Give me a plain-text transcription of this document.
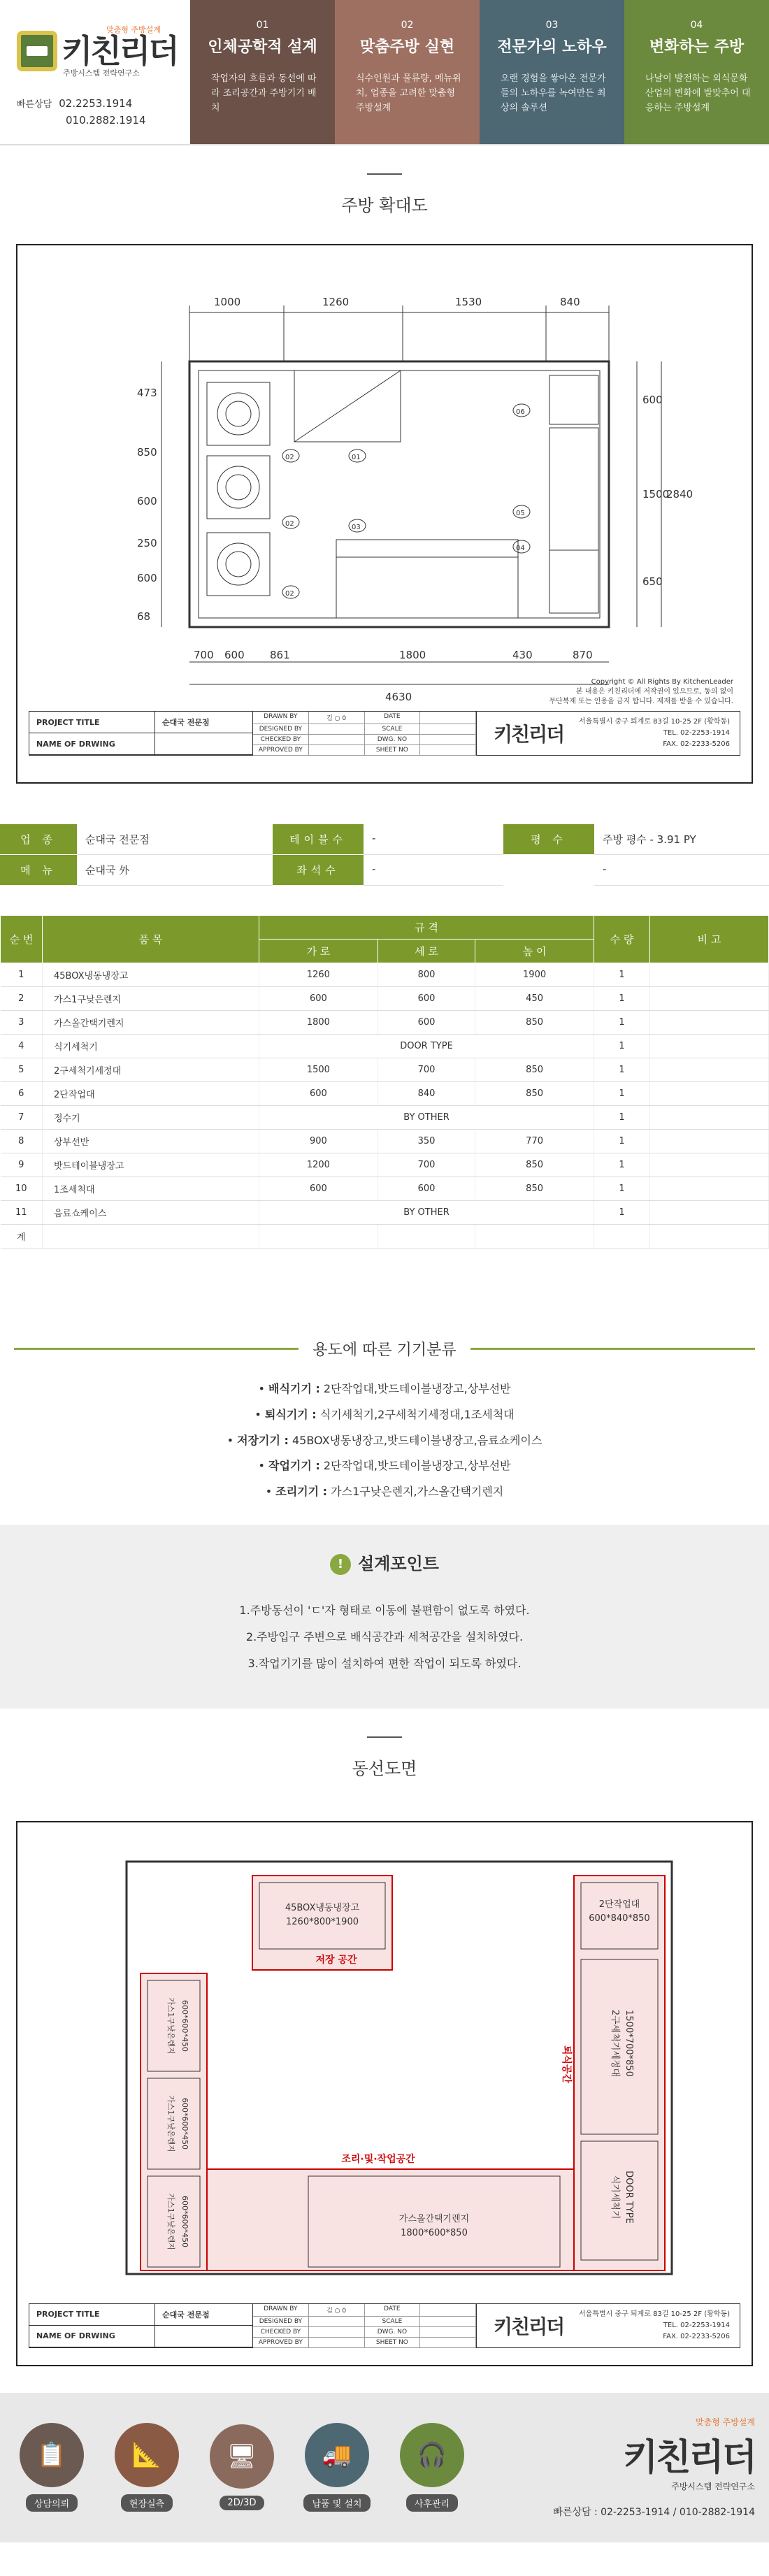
맞춤형 주방설계
키친리더
주방시스템 전략연구소
빠른상담 02.2253.1914
010.2882.1914
01
인체공학적 설계
작업자의 흐름과 동선에 따라 조리공간과 주방기기 배치
02
맞춤주방 실현
식수인원과 물류량, 메뉴위치, 업종을 고려한 맞춤형 주방설계
03
전문가의 노하우
오랜 경험을 쌓아온 전문가들의 노하우를 녹여만든 최상의 솔루션
04
변화하는 주방
나날이 발전하는 외식문화 산업의 변화에 발맞추어 대응하는 주방설계
주방 확대도
1000	1260	1530	840
700 600 861	1800	430	870
4630
473
850
600
250
600
68
600
1500
650
2840
01
02
02
02
03
04
05
06
Copyright © All Rights By KitchenLeader
본 내용은 키친리더에 저작권이 있으므로, 동의 없이
무단복제 또는 인용을 금지 합니다. 제재를 받을 수 있습니다.
PROJECT TITLE
NAME OF DRWING
순대국 전문점
DRAWN BY	김 ○ 0	DATE
DESIGNED BY	SCALE
CHECKED BY	DWG. NO
APPROVED BY	SHEET NO
키친리더
서울특별시 중구 퇴계로 83길 10-25 2F (황학동)
TEL. 02-2253-1914
FAX. 02-2233-5206
업 종	순대국 전문점	테이블수	-	평 수	주방 평수 - 3.91 PY
메 뉴	순대국 外	좌석수	-	-
순 번	품 목	규 격			수 량	비 고
		가 로	세 로	높 이		
1	45BOX냉동냉장고	1260	800	1900	1	
2	가스1구낮은렌지	600	600	450	1	
3	가스올간택기렌지	1800	600	850	1	
4	식기세척기	DOOR TYPE			1	
5	2구세척기세정대	1500	700	850	1	
6	2단작업대	600	840	850	1	
7	정수기	BY OTHER			1	
8	상부선반	900	350	770	1	
9	밧드테이블냉장고	1200	700	850	1	
10	1조세척대	600	600	850	1	
11	음료쇼케이스	BY OTHER			1	
계						
용도에 따른 기기분류
• 배식기기 : 2단작업대,밧드테이블냉장고,상부선반
• 퇴식기기 : 식기세척기,2구세척기세정대,1조세척대
• 저장기기 : 45BOX냉동냉장고,밧드테이블냉장고,음료쇼케이스
• 작업기기 : 2단작업대,밧드테이블냉장고,상부선반
• 조리기기 : 가스1구낮은렌지,가스올간택기렌지
! 설계포인트
1.주방동선이 'ㄷ'자 형태로 이동에 불편함이 없도록 하였다.
2.주방입구 주변으로 배식공간과 세척공간을 설치하였다.
3.작업기기를 많이 설치하여 편한 작업이 되도록 하였다.
동선도면
45BOX냉동냉장고
1260*800*1900
2단작업대
600*840*850
가스올간택기렌지
1800*600*850
2구세척기세정대 1500*700*850
식기세척기 DOOR TYPE
가스1구낮은렌지 600*600*450
가스1구낮은렌지 600*600*450
가스1구낮은렌지 600*600*450
저장 공간
퇴식공간
조리·및·작업공간
PROJECT TITLE
NAME OF DRWING
순대국 전문점
DRAWN BY	김 ○ 0	DATE
DESIGNED BY	SCALE
CHECKED BY	DWG. NO
APPROVED BY	SHEET NO
키친리더
서울특별시 중구 퇴계로 83길 10-25 2F (황학동)
TEL. 02-2253-1914
FAX. 02-2233-5206
📋
상담의뢰
📐
현장실측
🖥
2D/3D
🚚
납품 및 설치
🎧
사후관리
맞춤형 주방설계
키친리더
주방시스템 전략연구소
빠른상담 : 02-2253-1914 / 010-2882-1914
